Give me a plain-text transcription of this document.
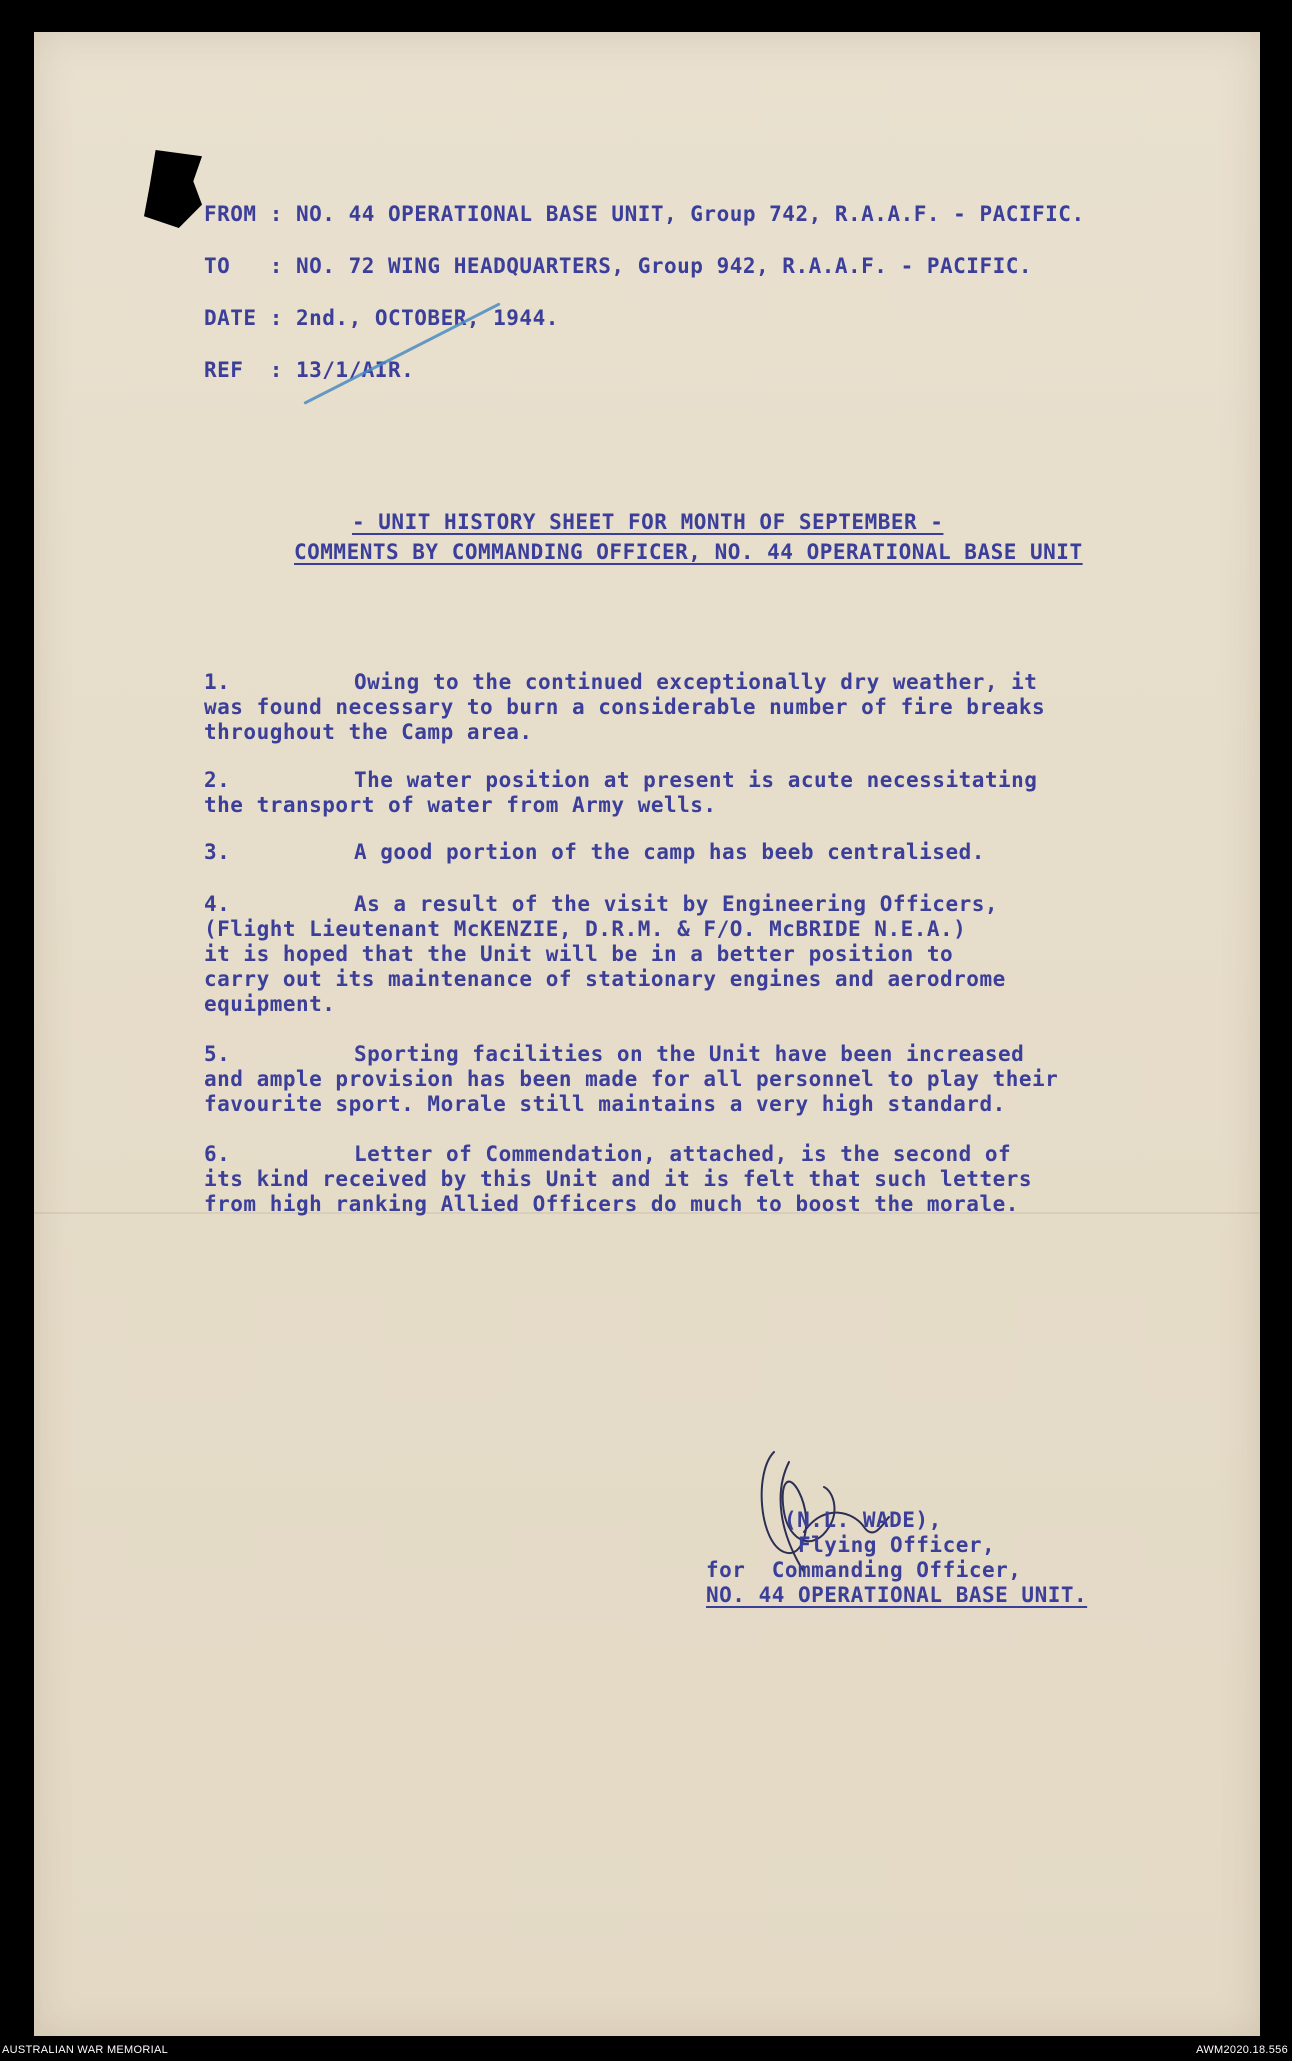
FROM : NO. 44 OPERATIONAL BASE UNIT, Group 742, R.A.A.F. - PACIFIC.
TO   : NO. 72 WING HEADQUARTERS, Group 942, R.A.A.F. - PACIFIC.
DATE : 2nd., OCTOBER, 1944.
REF  : 13/1/AIR.
- UNIT HISTORY SHEET FOR MONTH OF SEPTEMBER -
COMMENTS BY COMMANDING OFFICER, NO. 44 OPERATIONAL BASE UNIT
1.	Owing to the continued exceptionally dry weather, it
was found necessary to burn a considerable number of fire breaks
throughout the Camp area.
2.	The water position at present is acute necessitating
the transport of water from Army wells.
3.	A good portion of the camp has beeb centralised.
4.	As a result of the visit by Engineering Officers,
(Flight Lieutenant McKENZIE, D.R.M. & F/O. McBRIDE N.E.A.)
it is hoped that the Unit will be in a better position to
carry out its maintenance of stationary engines and aerodrome
equipment.
5.	Sporting facilities on the Unit have been increased
and ample provision has been made for all personnel to play their
favourite sport. Morale still maintains a very high standard.
6.	Letter of Commendation, attached, is the second of
its kind received by this Unit and it is felt that such letters
from high ranking Allied Officers do much to boost the morale.
(N.L. WADE),
Flying Officer,
for  Commanding Officer,
NO. 44 OPERATIONAL BASE UNIT.
AUSTRALIAN WAR MEMORIAL	AWM2020.18.556
